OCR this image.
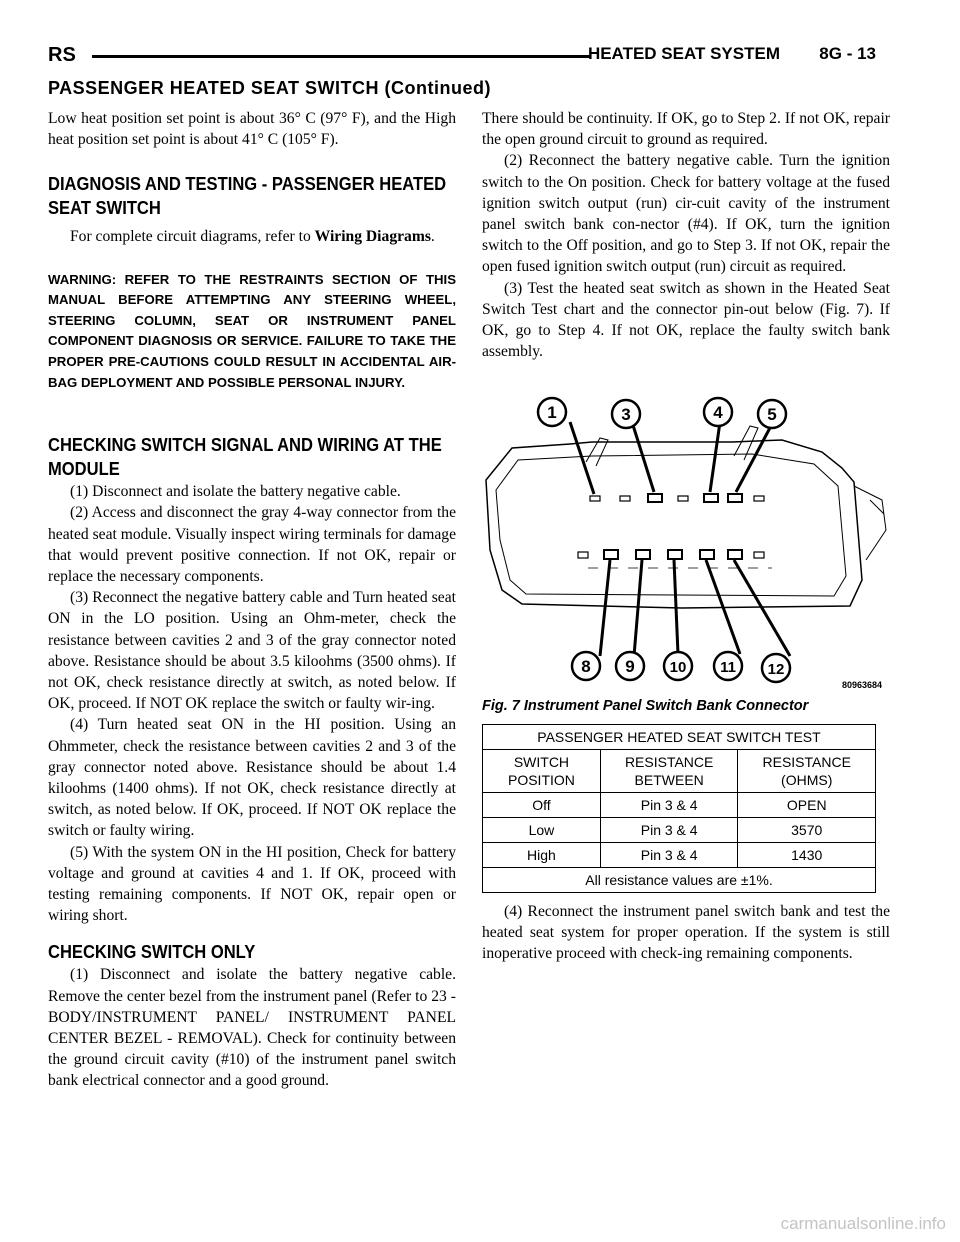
RS	HEATED SEAT SYSTEM 8G - 13
PASSENGER HEATED SEAT SWITCH (Continued)

Low heat position set point is about 36° C (97° F), and the High heat position set point is about 41° C (105° F).

DIAGNOSIS AND TESTING - PASSENGER HEATED SEAT SWITCH

For complete circuit diagrams, refer to Wiring Diagrams.

WARNING: REFER TO THE RESTRAINTS SECTION OF THIS MANUAL BEFORE ATTEMPTING ANY STEERING WHEEL, STEERING COLUMN, SEAT OR INSTRUMENT PANEL COMPONENT DIAGNOSIS OR SERVICE. FAILURE TO TAKE THE PROPER PRE-CAUTIONS COULD RESULT IN ACCIDENTAL AIR-BAG DEPLOYMENT AND POSSIBLE PERSONAL INJURY.

CHECKING SWITCH SIGNAL AND WIRING AT THE MODULE

(1) Disconnect and isolate the battery negative cable.

(2) Access and disconnect the gray 4-way connector from the heated seat module. Visually inspect wiring terminals for damage that would prevent positive connection. If not OK, repair or replace the necessary components.

(3) Reconnect the negative battery cable and Turn heated seat ON in the LO position. Using an Ohm-meter, check the resistance between cavities 2 and 3 of the gray connector noted above. Resistance should be about 3.5 kiloohms (3500 ohms). If not OK, check resistance directly at switch, as noted below. If OK, proceed. If NOT OK replace the switch or faulty wir-ing.

(4) Turn heated seat ON in the HI position. Using an Ohmmeter, check the resistance between cavities 2 and 3 of the gray connector noted above. Resistance should be about 1.4 kiloohms (1400 ohms). If not OK, check resistance directly at switch, as noted below. If OK, proceed. If NOT OK replace the switch or faulty wiring.

(5) With the system ON in the HI position, Check for battery voltage and ground at cavities 4 and 1. If OK, proceed with testing remaining components. If NOT OK, repair open or wiring short.

CHECKING SWITCH ONLY

(1) Disconnect and isolate the battery negative cable. Remove the center bezel from the instrument panel (Refer to 23 - BODY/INSTRUMENT PANEL/ INSTRUMENT PANEL CENTER BEZEL - REMOVAL). Check for continuity between the ground circuit cavity (#10) of the instrument panel switch bank electrical connector and a good ground.

There should be continuity. If OK, go to Step 2. If not OK, repair the open ground circuit to ground as required.

(2) Reconnect the battery negative cable. Turn the ignition switch to the On position. Check for battery voltage at the fused ignition switch output (run) cir-cuit cavity of the instrument panel switch bank con-nector (#4). If OK, turn the ignition switch to the Off position, and go to Step 3. If not OK, repair the open fused ignition switch output (run) circuit as required.

(3) Test the heated seat switch as shown in the Heated Seat Switch Test chart and the connector pin-out below (Fig. 7). If OK, go to Step 4. If not OK, replace the faulty switch bank assembly.

1	3	4	5
8 9 10 11 12
80963684
Fig. 7 Instrument Panel Switch Bank Connector
PASSENGER HEATED SEAT SWITCH TEST		
SWITCH POSITION	RESISTANCE BETWEEN	RESISTANCE (OHMS)
Off	Pin 3 & 4	OPEN
Low	Pin 3 & 4	3570
High	Pin 3 & 4	1430
All resistance values are ±1%.		

(4) Reconnect the instrument panel switch bank and test the heated seat system for proper operation. If the system is still inoperative proceed with check-ing remaining components.

carmanualsonline.info
